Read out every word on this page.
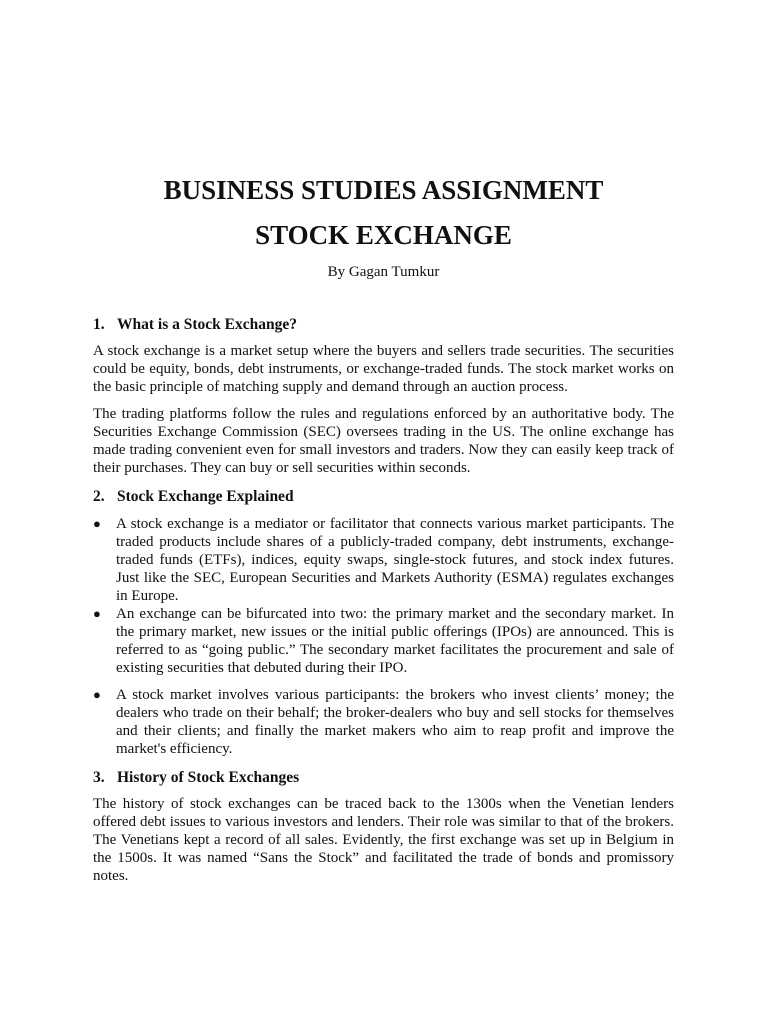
BUSINESS STUDIES ASSIGNMENT
STOCK EXCHANGE

By Gagan Tumkur

1. What is a Stock Exchange?

A stock exchange is a market setup where the buyers and sellers trade securities. The securities could be equity, bonds, debt instruments, or exchange-traded funds. The stock market works on the basic principle of matching supply and demand through an auction process.

The trading platforms follow the rules and regulations enforced by an authoritative body. The Securities Exchange Commission (SEC) oversees trading in the US. The online exchange has made trading convenient even for small investors and traders. Now they can easily keep track of their purchases. They can buy or sell securities within seconds.

2. Stock Exchange Explained
● A stock exchange is a mediator or facilitator that connects various market participants. The traded products include shares of a publicly-traded company, debt instruments, exchange-traded funds (ETFs), indices, equity swaps, single-stock futures, and stock index futures. Just like the SEC, European Securities and Markets Authority (ESMA) regulates exchanges in Europe.
● An exchange can be bifurcated into two: the primary market and the secondary market. In the primary market, new issues or the initial public offerings (IPOs) are announced. This is referred to as “going public.” The secondary market facilitates the procurement and sale of existing securities that debuted during their IPO.
● A stock market involves various participants: the brokers who invest clients’ money; the dealers who trade on their behalf; the broker-dealers who buy and sell stocks for themselves and their clients; and finally the market makers who aim to reap profit and improve the market's efficiency.
3. History of Stock Exchanges

The history of stock exchanges can be traced back to the 1300s when the Venetian lenders offered debt issues to various investors and lenders. Their role was similar to that of the brokers. The Venetians kept a record of all sales. Evidently, the first exchange was set up in Belgium in the 1500s. It was named “Sans the Stock” and facilitated the trade of bonds and promissory notes.
